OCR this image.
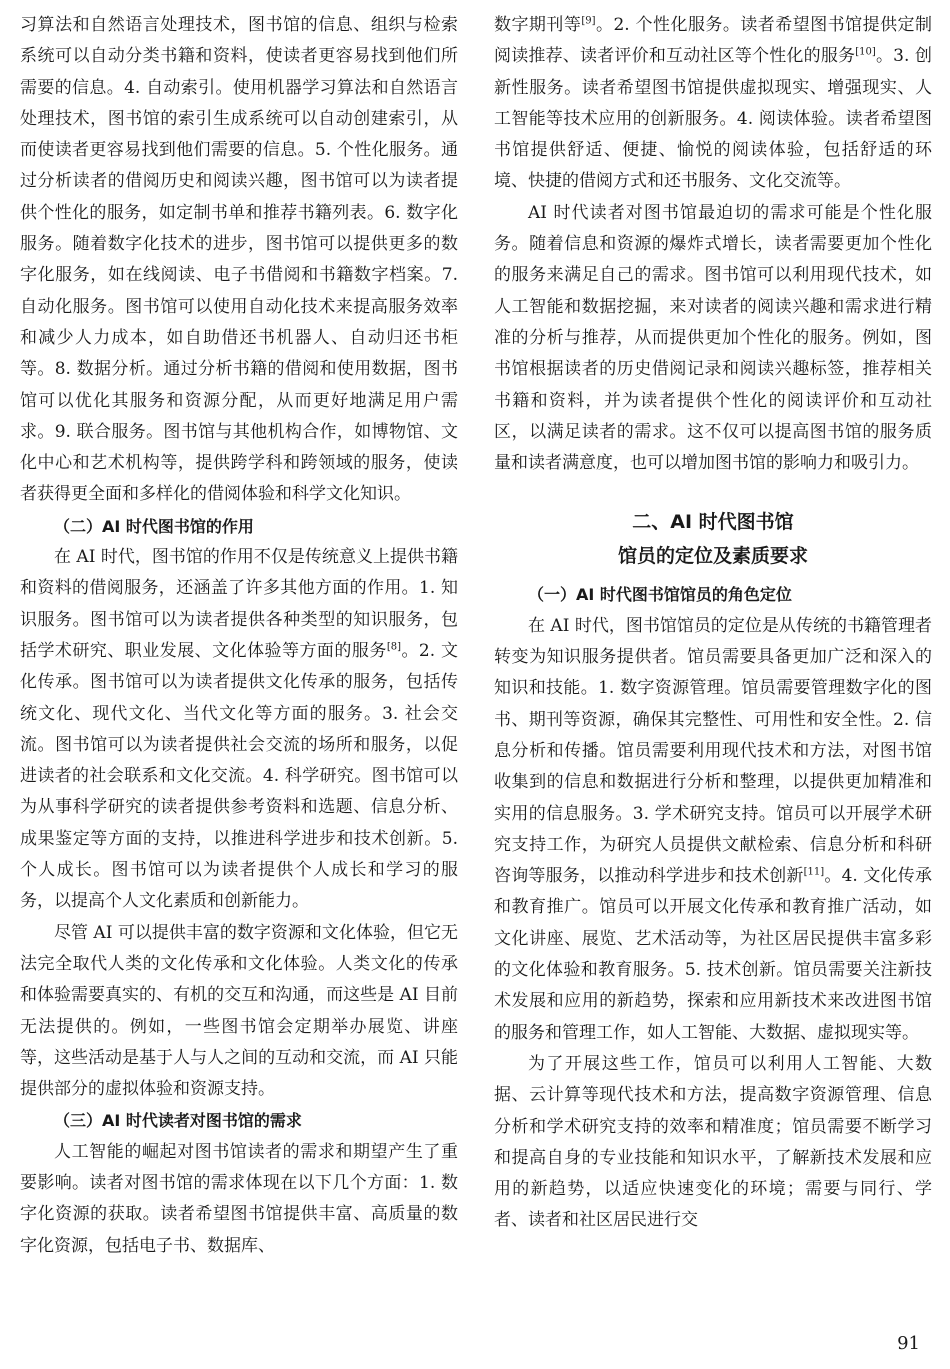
习算法和自然语言处理技术，图书馆的信息、组织与检索系统可以自动分类书籍和资料，使读者更容易找到他们所需要的信息。4. 自动索引。使用机器学习算法和自然语言处理技术，图书馆的索引生成系统可以自动创建索引，从而使读者更容易找到他们需要的信息。5. 个性化服务。通过分析读者的借阅历史和阅读兴趣，图书馆可以为读者提供个性化的服务，如定制书单和推荐书籍列表。6. 数字化服务。随着数字化技术的进步，图书馆可以提供更多的数字化服务，如在线阅读、电子书借阅和书籍数字档案。7. 自动化服务。图书馆可以使用自动化技术来提高服务效率和减少人力成本，如自助借还书机器人、自动归还书柜等。8. 数据分析。通过分析书籍的借阅和使用数据，图书馆可以优化其服务和资源分配，从而更好地满足用户需求。9. 联合服务。图书馆与其他机构合作，如博物馆、文化中心和艺术机构等，提供跨学科和跨领域的服务，使读者获得更全面和多样化的借阅体验和科学文化知识。

（二）AI 时代图书馆的作用

在 AI 时代，图书馆的作用不仅是传统意义上提供书籍和资料的借阅服务，还涵盖了许多其他方面的作用。1. 知识服务。图书馆可以为读者提供各种类型的知识服务，包括学术研究、职业发展、文化体验等方面的服务[8]。2. 文化传承。图书馆可以为读者提供文化传承的服务，包括传统文化、现代文化、当代文化等方面的服务。3. 社会交流。图书馆可以为读者提供社会交流的场所和服务，以促进读者的社会联系和文化交流。4. 科学研究。图书馆可以为从事科学研究的读者提供参考资料和选题、信息分析、成果鉴定等方面的支持，以推进科学进步和技术创新。5. 个人成长。图书馆可以为读者提供个人成长和学习的服务，以提高个人文化素质和创新能力。

尽管 AI 可以提供丰富的数字资源和文化体验，但它无法完全取代人类的文化传承和文化体验。人类文化的传承和体验需要真实的、有机的交互和沟通，而这些是 AI 目前无法提供的。例如，一些图书馆会定期举办展览、讲座等，这些活动是基于人与人之间的互动和交流，而 AI 只能提供部分的虚拟体验和资源支持。

（三）AI 时代读者对图书馆的需求

人工智能的崛起对图书馆读者的需求和期望产生了重要影响。读者对图书馆的需求体现在以下几个方面：1. 数字化资源的获取。读者希望图书馆提供丰富、高质量的数字化资源，包括电子书、数据库、

数字期刊等[9]。2. 个性化服务。读者希望图书馆提供定制阅读推荐、读者评价和互动社区等个性化的服务[10]。3. 创新性服务。读者希望图书馆提供虚拟现实、增强现实、人工智能等技术应用的创新服务。4. 阅读体验。读者希望图书馆提供舒适、便捷、愉悦的阅读体验，包括舒适的环境、快捷的借阅方式和还书服务、文化交流等。

AI 时代读者对图书馆最迫切的需求可能是个性化服务。随着信息和资源的爆炸式增长，读者需要更加个性化的服务来满足自己的需求。图书馆可以利用现代技术，如人工智能和数据挖掘，来对读者的阅读兴趣和需求进行精准的分析与推荐，从而提供更加个性化的服务。例如，图书馆根据读者的历史借阅记录和阅读兴趣标签，推荐相关书籍和资料，并为读者提供个性化的阅读评价和互动社区，以满足读者的需求。这不仅可以提高图书馆的服务质量和读者满意度，也可以增加图书馆的影响力和吸引力。

二、AI 时代图书馆
馆员的定位及素质要求
（一）AI 时代图书馆馆员的角色定位

在 AI 时代，图书馆馆员的定位是从传统的书籍管理者转变为知识服务提供者。馆员需要具备更加广泛和深入的知识和技能。1. 数字资源管理。馆员需要管理数字化的图书、期刊等资源，确保其完整性、可用性和安全性。2. 信息分析和传播。馆员需要利用现代技术和方法，对图书馆收集到的信息和数据进行分析和整理，以提供更加精准和实用的信息服务。3. 学术研究支持。馆员可以开展学术研究支持工作，为研究人员提供文献检索、信息分析和科研咨询等服务，以推动科学进步和技术创新[11]。4. 文化传承和教育推广。馆员可以开展文化传承和教育推广活动，如文化讲座、展览、艺术活动等，为社区居民提供丰富多彩的文化体验和教育服务。5. 技术创新。馆员需要关注新技术发展和应用的新趋势，探索和应用新技术来改进图书馆的服务和管理工作，如人工智能、大数据、虚拟现实等。

为了开展这些工作，馆员可以利用人工智能、大数据、云计算等现代技术和方法，提高数字资源管理、信息分析和学术研究支持的效率和精准度；馆员需要不断学习和提高自身的专业技能和知识水平，了解新技术发展和应用的新趋势，以适应快速变化的环境；需要与同行、学者、读者和社区居民进行交

91
